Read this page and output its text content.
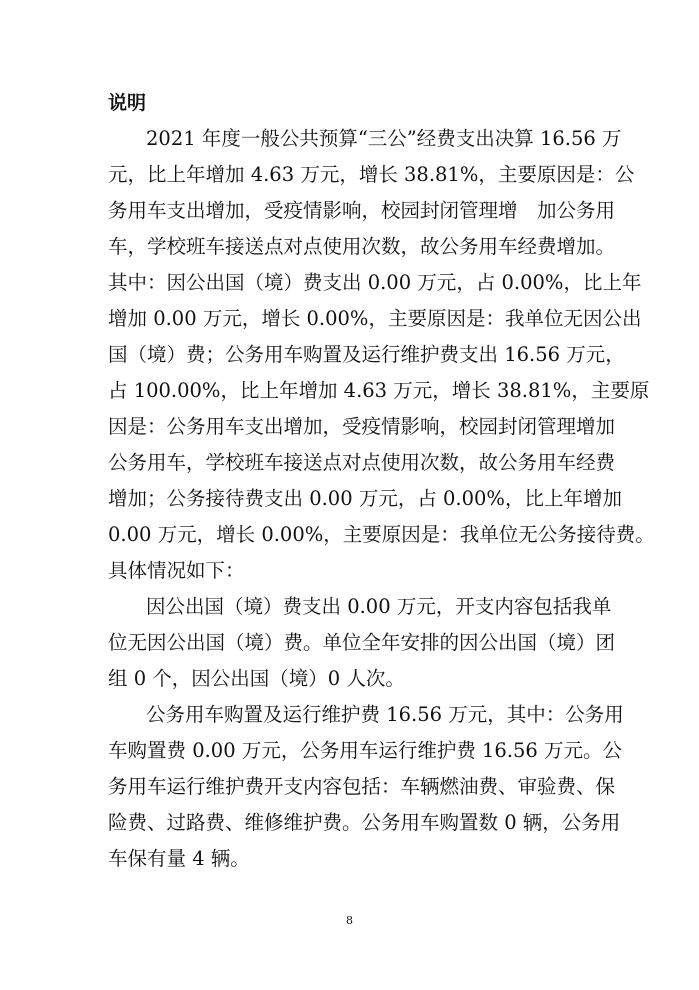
说明

2021 年度一般公共预算“三公”经费支出决算 16.56 万

元，比上年增加 4.63 万元，增长 38.81%，主要原因是：公

务用车支出增加，受疫情影响，校园封闭管理增　加公务用

车，学校班车接送点对点使用次数，故公务用车经费增加。

其中：因公出国（境）费支出 0.00 万元，占 0.00%，比上年

增加 0.00 万元，增长 0.00%，主要原因是：我单位无因公出

国（境）费；公务用车购置及运行维护费支出 16.56 万元，

占 100.00%，比上年增加 4.63 万元，增长 38.81%，主要原

因是：公务用车支出增加，受疫情影响，校园封闭管理增加

公务用车，学校班车接送点对点使用次数，故公务用车经费

增加；公务接待费支出 0.00 万元，占 0.00%，比上年增加

0.00 万元，增长 0.00%，主要原因是：我单位无公务接待费。

具体情况如下：

因公出国（境）费支出 0.00 万元，开支内容包括我单

位无因公出国（境）费。单位全年安排的因公出国（境）团

组 0 个，因公出国（境）0 人次。

公务用车购置及运行维护费 16.56 万元，其中：公务用

车购置费 0.00 万元，公务用车运行维护费 16.56 万元。公

务用车运行维护费开支内容包括：车辆燃油费、审验费、保

险费、过路费、维修维护费。公务用车购置数 0 辆，公务用

车保有量 4 辆。

8
